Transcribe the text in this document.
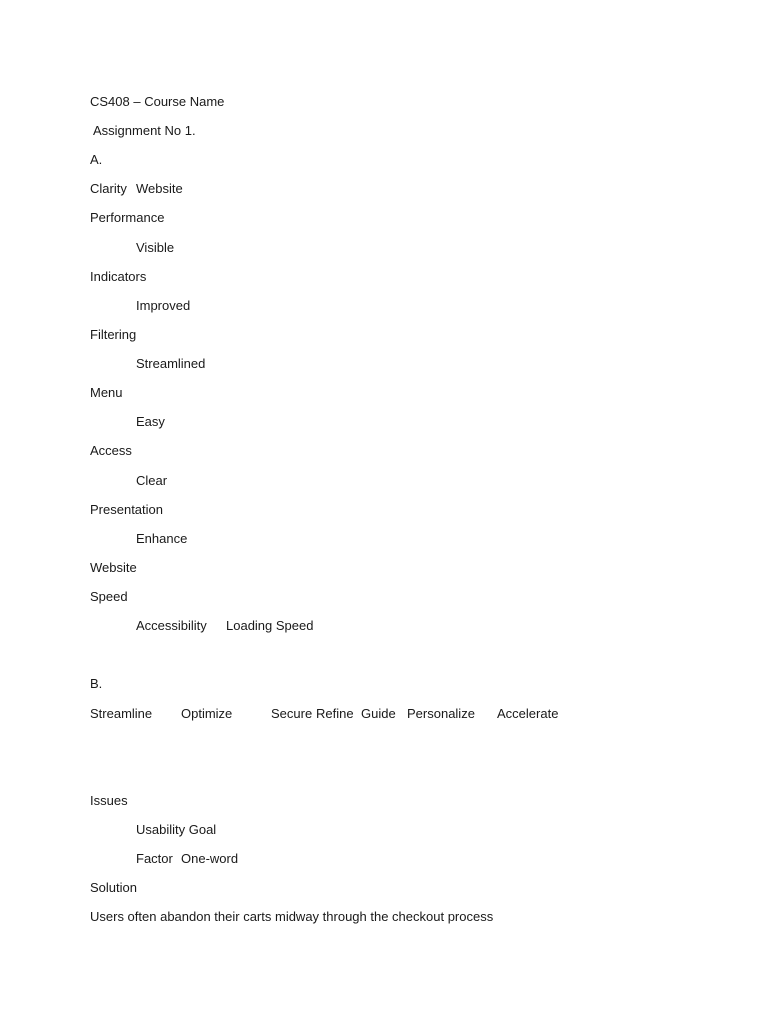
CS408 – Course Name
Assignment No 1.
A.
Clarity Website
Performance
Visible
Indicators
Improved
Filtering
Streamlined
Menu
Easy
Access
Clear
Presentation
Enhance
Website
Speed
Accessibility Loading Speed
B.
Streamline Optimize	Secure Refine Guide Personalize Accelerate
Issues
Usability Goal
Factor One-word
Solution
Users often abandon their carts midway through the checkout process
